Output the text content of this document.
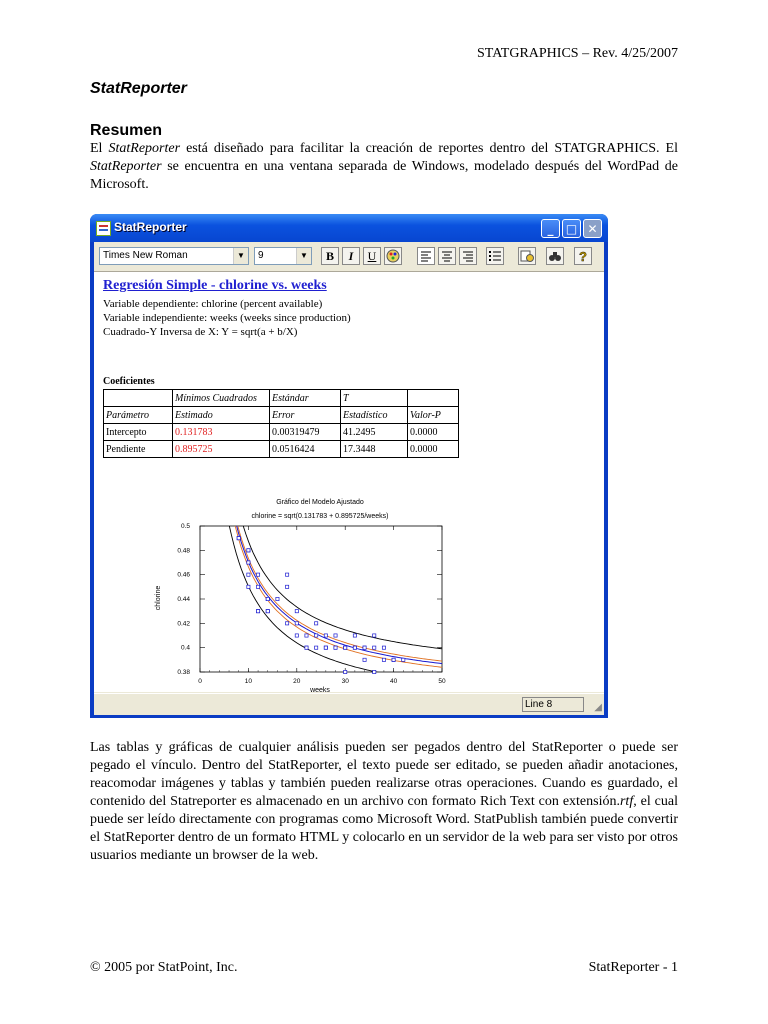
STATGRAPHICS – Rev. 4/25/2007
StatReporter
Resumen
El StatReporter está diseñado para facilitar la creación de reportes dentro del STATGRAPHICS. El StatReporter se encuentra en una ventana separada de Windows, modelado después del WordPad de Microsoft.
StatReporter	_	□ ✕
Times New Roman	▼	9	▼	B	I	U	?
Regresión Simple - chlorine vs. weeks
Variable dependiente: chlorine (percent available)
Variable independiente: weeks (weeks since production)
Cuadrado-Y Inversa de X: Y = sqrt(a + b/X)
Coeficientes
	Mínimos Cuadrados	Estándar	T	
Parámetro	Estimado	Error	Estadístico	Valor-P
Intercepto	0.131783	0.00319479	41.2495	0.0000
Pendiente	0.895725	0.0516424	17.3448	0.0000
Gráfico del Modelo Ajustado
chlorine = sqrt(0.131783 + 0.895725/weeks)
weeks
chlorine
0	10	20	30	40	50
0.38
0.4
0.42
0.44
0.46
0.48
0.5
Line 8	◢
Las tablas y gráficas de cualquier análisis pueden ser pegados dentro del StatReporter o puede ser pegado el vínculo. Dentro del StatReporter, el texto puede ser editado, se pueden añadir anotaciones, reacomodar imágenes y tablas y también pueden realizarse otras operaciones. Cuando es guardado, el contenido del Statreporter es almacenado en un archivo con formato Rich Text con extensión.rtf, el cual puede ser leído directamente con programas como Microsoft Word. StatPublish también puede convertir el StatReporter dentro de un formato HTML y colocarlo en un servidor de la web para ser visto por otros usuarios mediante un browser de la web.
© 2005 por StatPoint, Inc.	StatReporter - 1
